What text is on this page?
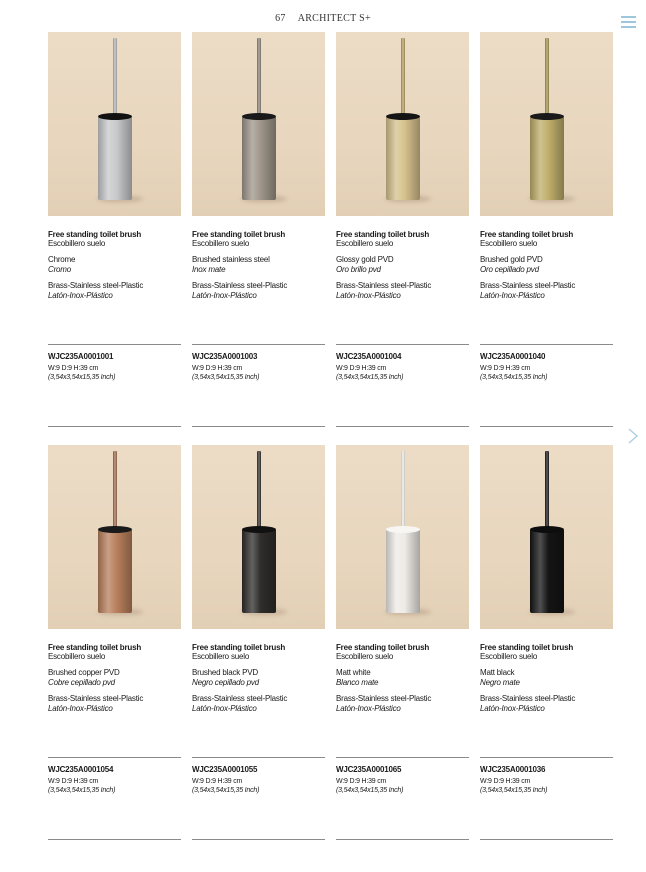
67 ARCHITECT S+
Free standing toilet brush
Escobillero suelo
Chrome
Cromo
Brass-Stainless steel-Plastic
Latón-Inox-Plástico
WJC235A0001001
W:9 D:9 H:39 cm
(3,54x3,54x15,35 Inch)
Free standing toilet brush
Escobillero suelo
Brushed stainless steel
Inox mate
Brass-Stainless steel-Plastic
Latón-Inox-Plástico
WJC235A0001003
W:9 D:9 H:39 cm
(3,54x3,54x15,35 Inch)
Free standing toilet brush
Escobillero suelo
Glossy gold PVD
Oro brillo pvd
Brass-Stainless steel-Plastic
Latón-Inox-Plástico
WJC235A0001004
W:9 D:9 H:39 cm
(3,54x3,54x15,35 Inch)
Free standing toilet brush
Escobillero suelo
Brushed gold PVD
Oro cepillado pvd
Brass-Stainless steel-Plastic
Latón-Inox-Plástico
WJC235A0001040
W:9 D:9 H:39 cm
(3,54x3,54x15,35 Inch)
Free standing toilet brush
Escobillero suelo
Brushed copper PVD
Cobre cepillado pvd
Brass-Stainless steel-Plastic
Latón-Inox-Plástico
WJC235A0001054
W:9 D:9 H:39 cm
(3,54x3,54x15,35 Inch)
Free standing toilet brush
Escobillero suelo
Brushed black PVD
Negro cepillado pvd
Brass-Stainless steel-Plastic
Latón-Inox-Plástico
WJC235A0001055
W:9 D:9 H:39 cm
(3,54x3,54x15,35 Inch)
Free standing toilet brush
Escobillero suelo
Matt white
Blanco mate
Brass-Stainless steel-Plastic
Latón-Inox-Plástico
WJC235A0001065
W:9 D:9 H:39 cm
(3,54x3,54x15,35 Inch)
Free standing toilet brush
Escobillero suelo
Matt black
Negro mate
Brass-Stainless steel-Plastic
Latón-Inox-Plástico
WJC235A0001036
W:9 D:9 H:39 cm
(3,54x3,54x15,35 Inch)
